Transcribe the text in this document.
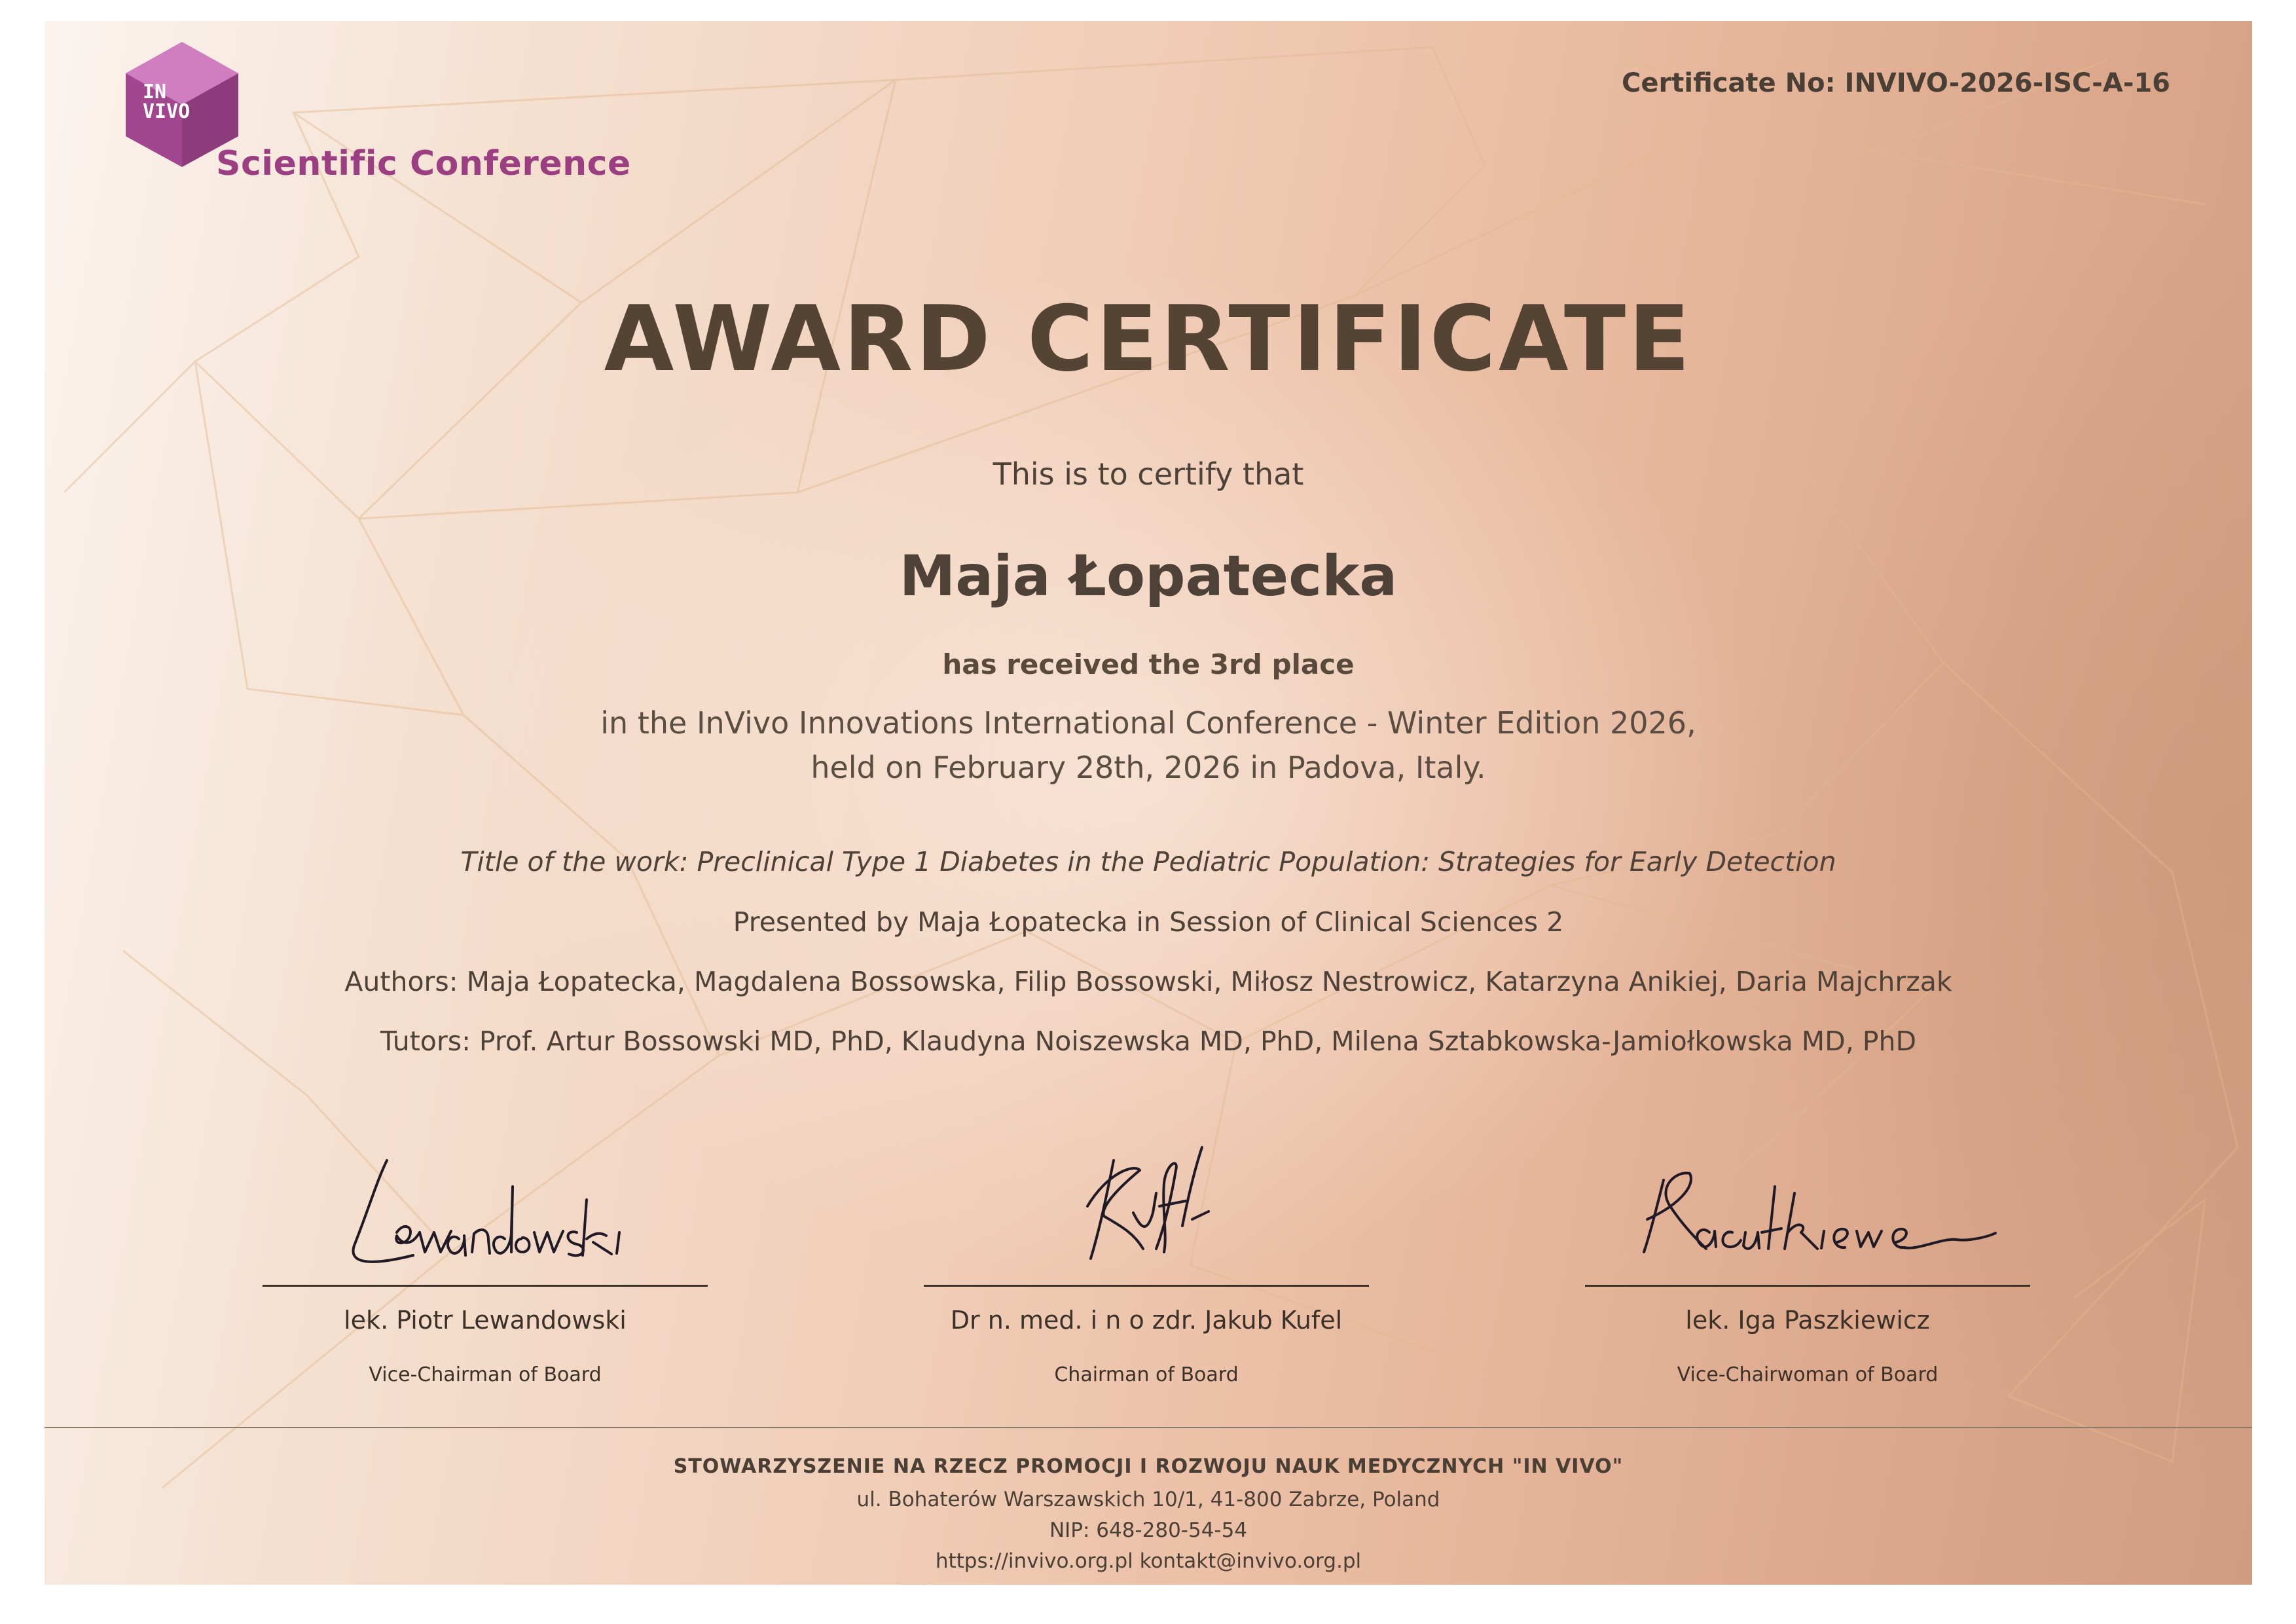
IN
VIVO
Scientific Conference
Certificate No: INVIVO-2026-ISC-A-16
AWARD CERTIFICATE
This is to certify that
Maja Łopatecka
has received the 3rd place
in the InVivo Innovations International Conference - Winter Edition 2026,
held on February 28th, 2026 in Padova, Italy.
Title of the work: Preclinical Type 1 Diabetes in the Pediatric Population: Strategies for Early Detection
Presented by Maja Łopatecka in Session of Clinical Sciences 2
Authors: Maja Łopatecka, Magdalena Bossowska, Filip Bossowski, Miłosz Nestrowicz, Katarzyna Anikiej, Daria Majchrzak
Tutors: Prof. Artur Bossowski MD, PhD, Klaudyna Noiszewska MD, PhD, Milena Sztabkowska-Jamiołkowska MD, PhD
lek. Piotr Lewandowski
Vice-Chairman of Board
Dr n. med. i n o zdr. Jakub Kufel
Chairman of Board
lek. Iga Paszkiewicz
Vice-Chairwoman of Board
STOWARZYSZENIE NA RZECZ PROMOCJI I ROZWOJU NAUK MEDYCZNYCH "IN VIVO"
ul. Bohaterów Warszawskich 10/1, 41-800 Zabrze, Poland
NIP: 648-280-54-54
https://invivo.org.pl kontakt@invivo.org.pl
